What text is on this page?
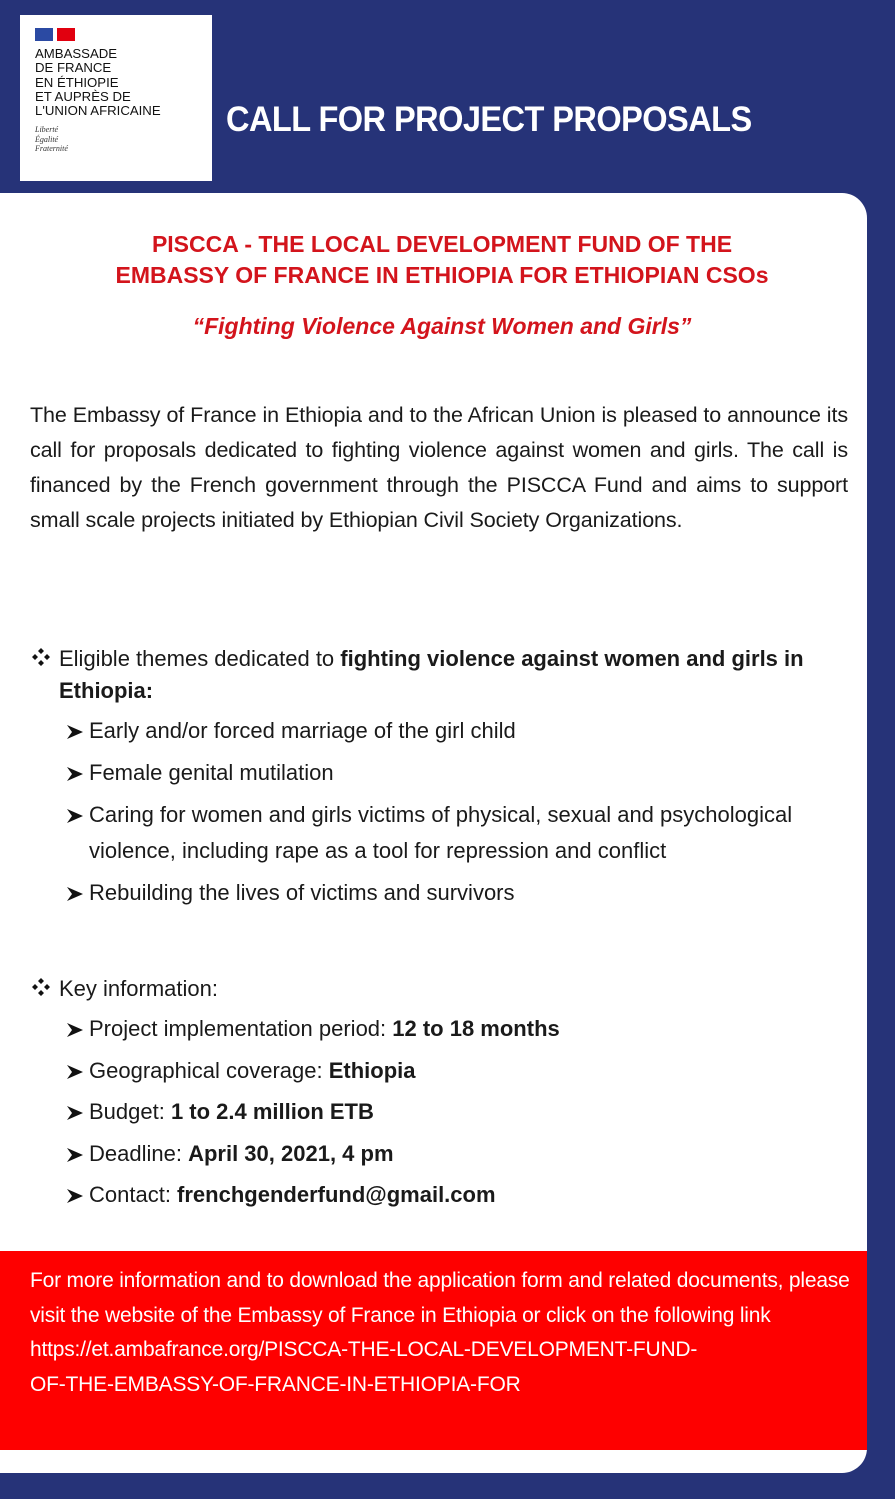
AMBASSADE
DE FRANCE
EN ÉTHIOPIE
ET AUPRÈS DE
L'UNION AFRICAINE
Liberté
Égalité
Fraternité
CALL FOR PROJECT PROPOSALS
PISCCA - THE LOCAL DEVELOPMENT FUND OF THE
EMBASSY OF FRANCE IN ETHIOPIA FOR ETHIOPIAN CSOs
“Fighting Violence Against Women and Girls”
The Embassy of France in Ethiopia and to the African Union is pleased to announce its call for proposals dedicated to fighting violence against women and girls. The call is financed by the French government through the PISCCA Fund and aims to support small scale projects initiated by Ethiopian Civil Society Organizations.
Eligible themes dedicated to fighting violence against women and girls in Ethiopia:
Early and/or forced marriage of the girl child
Female genital mutilation
Caring for women and girls victims of physical, sexual and psychological violence, including rape as a tool for repression and conflict
Rebuilding the lives of victims and survivors
Key information:
Project implementation period: 12 to 18 months
Geographical coverage: Ethiopia
Budget: 1 to 2.4 million ETB
Deadline: April 30, 2021, 4 pm
Contact: frenchgenderfund@gmail.com
For more information and to download the application form and related documents, please visit the website of the Embassy of France in Ethiopia or click on the following link
https://et.ambafrance.org/PISCCA-THE-LOCAL-DEVELOPMENT-FUND-
OF-THE-EMBASSY-OF-FRANCE-IN-ETHIOPIA-FOR
